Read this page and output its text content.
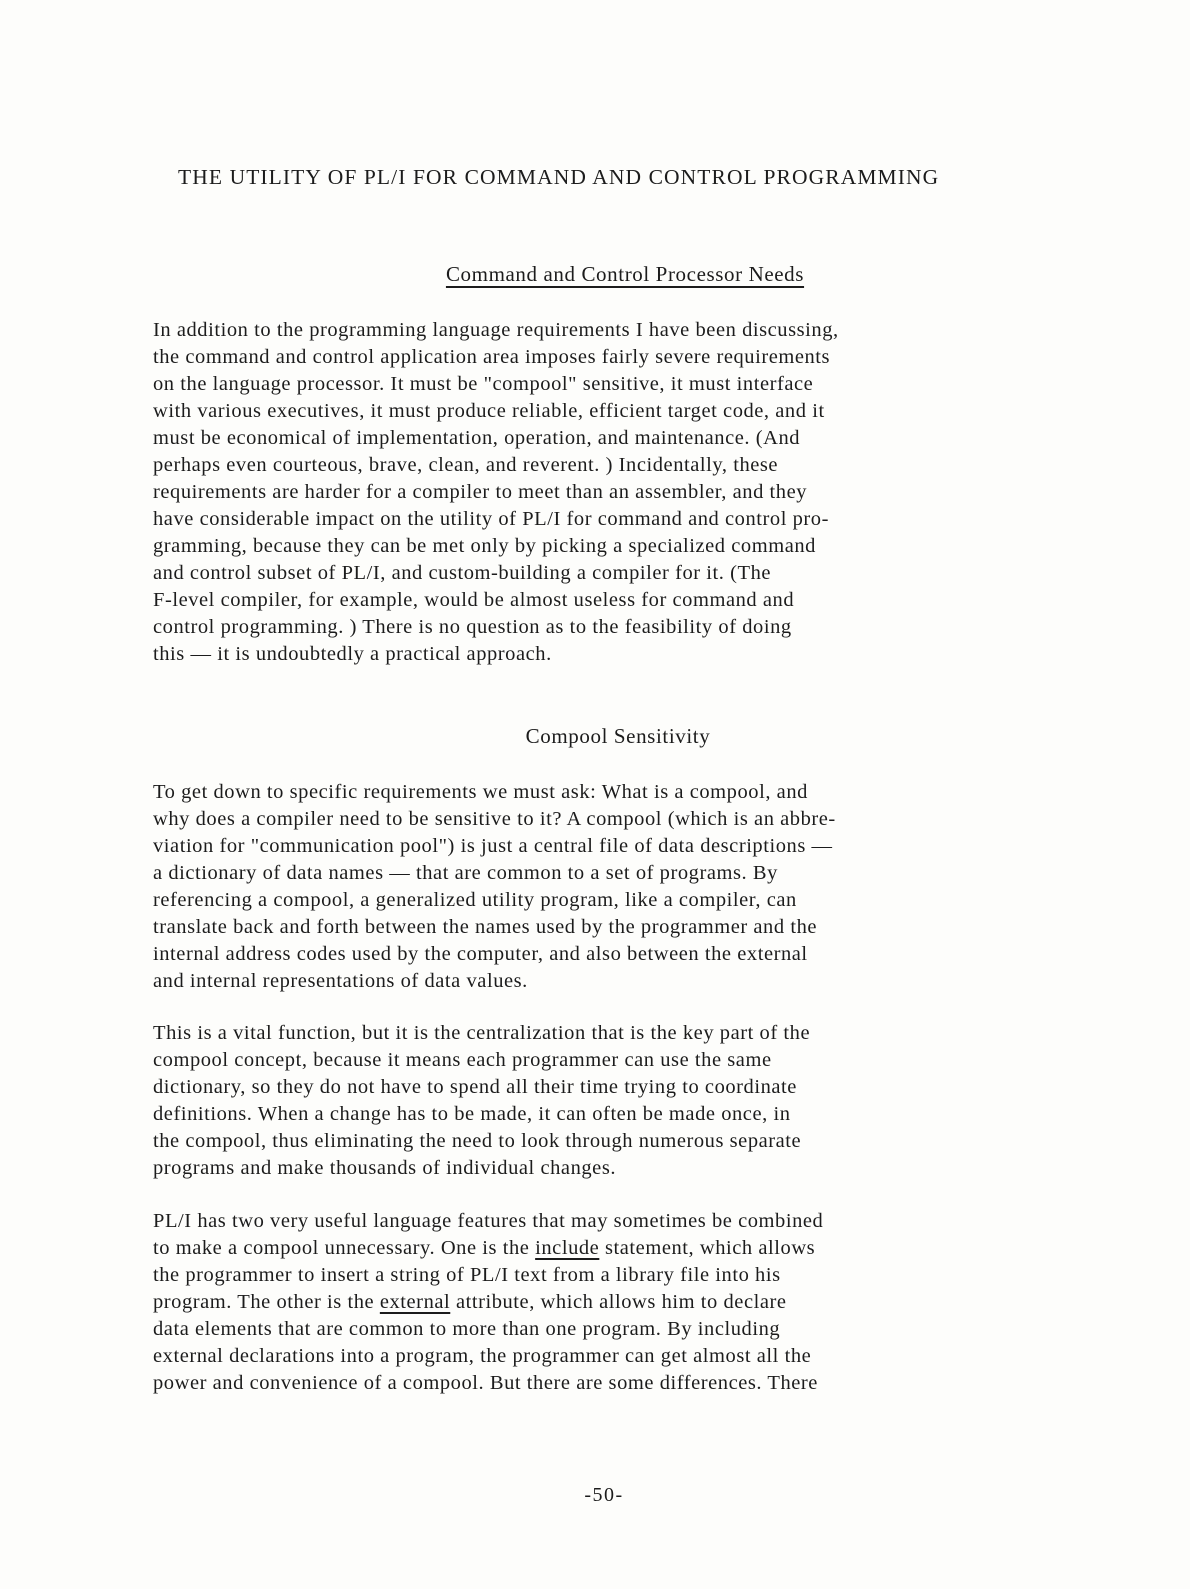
THE UTILITY OF PL/I FOR COMMAND AND CONTROL PROGRAMMING
Command and Control Processor Needs
In addition to the programming language requirements I have been discussing,
the command and control application area imposes fairly severe requirements
on the language processor. It must be "compool" sensitive, it must interface
with various executives, it must produce reliable, efficient target code, and it
must be economical of implementation, operation, and maintenance. (And
perhaps even courteous, brave, clean, and reverent. ) Incidentally, these
requirements are harder for a compiler to meet than an assembler, and they
have considerable impact on the utility of PL/I for command and control pro-
gramming, because they can be met only by picking a specialized command
and control subset of PL/I, and custom-building a compiler for it. (The
F-level compiler, for example, would be almost useless for command and
control programming. ) There is no question as to the feasibility of doing
this — it is undoubtedly a practical approach.
Compool Sensitivity
To get down to specific requirements we must ask: What is a compool, and
why does a compiler need to be sensitive to it? A compool (which is an abbre-
viation for "communication pool") is just a central file of data descriptions —
a dictionary of data names — that are common to a set of programs. By
referencing a compool, a generalized utility program, like a compiler, can
translate back and forth between the names used by the programmer and the
internal address codes used by the computer, and also between the external
and internal representations of data values.
This is a vital function, but it is the centralization that is the key part of the
compool concept, because it means each programmer can use the same
dictionary, so they do not have to spend all their time trying to coordinate
definitions. When a change has to be made, it can often be made once, in
the compool, thus eliminating the need to look through numerous separate
programs and make thousands of individual changes.
PL/I has two very useful language features that may sometimes be combined
to make a compool unnecessary. One is the include statement, which allows
the programmer to insert a string of PL/I text from a library file into his
program. The other is the external attribute, which allows him to declare
data elements that are common to more than one program. By including
external declarations into a program, the programmer can get almost all the
power and convenience of a compool. But there are some differences. There
-50-
